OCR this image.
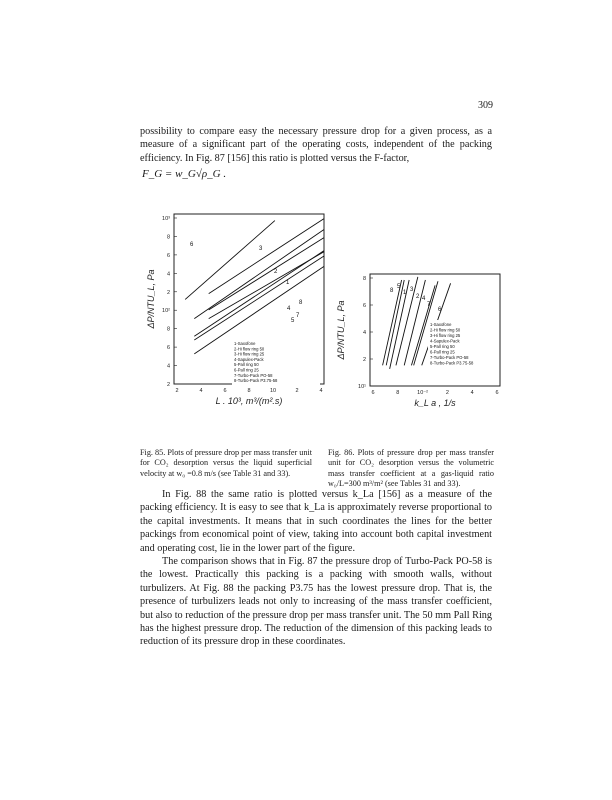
309

possibility to compare easy the necessary pressure drop for a given process, as a measure of a significant part of the operating costs, independent of the packing efficiency. In Fig. 87 [156] this ratio is plotted versus the F-factor,

F_G = w_G√ρ_G .
10³
8
6
4
2
10²
8
6
4
2
2	4	6	8	10	2	4
L . 10³, m³/(m².s)
ΔP/NTU_L, Pa
6
3
2
1
4
8
5
7
1-Saxofone
2-Hi flow ring 50
3-Hi flow ring 25
4-Sapulex-Pack
5-Pall ring 50
6-Pall ring 25
7-Turbo-Pack PO-58
8-Turbo-Pack P3.75-58
8
6
4
2
10¹
6	8	10⁻²	2	4	6
k_L a , 1/s
ΔP/NTU_L, Pa
8
5
1 3
2 4
7
6
1-Saxofone
2-Hi flow ring 50
3-Hi flow ring 25
4-Sapulex-Pack
5-Pall ring 50
6-Pall ring 25
7-Turbo-Pack PO-58
8-Turbo-Pack P3.75-58

Fig. 85. Plots of pressure drop per mass transfer unit for CO₂ desorption versus the liquid superficial velocity at w₀ =0.8 m/s (see Table 31 and 33).

Fig. 86. Plots of pressure drop per mass transfer unit for CO₂ desorption versus the volumetric mass transfer coefficient at a gas-liquid ratio w₀/L=300 m³/m² (see Tables 31 and 33).

In Fig. 88 the same ratio is plotted versus k_La [156] as a measure of the packing efficiency. It is easy to see that k_La is approximately reverse proportional to the capital investments. It means that in such coordinates the lines for the better packings from economical point of view, taking into account both capital investment and operating cost, lie in the lower part of the figure.

The comparison shows that in Fig. 87 the pressure drop of Turbo-Pack PO-58 is the lowest. Practically this packing is a packing with smooth walls, without turbulizers. At Fig. 88 the packing P3.75 has the lowest pressure drop. That is, the presence of turbulizers leads not only to increasing of the mass transfer coefficient, but also to reduction of the pressure drop per mass transfer unit. The 50 mm Pall Ring has the highest pressure drop. The reduction of the dimension of this packing leads to reduction of its pressure drop in these coordinates.
